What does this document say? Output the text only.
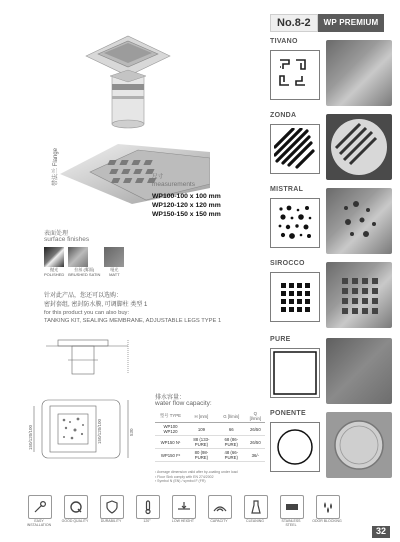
No.8-2	WP PREMIUM
带法兰 Flange	尺寸
measurements
WP100-100 x 100 mm
WP120-120 x 120 mm
WP150-150 x 150 mm
表面处理
surface finishes
抛光
POLISHED
拉丝 (雾面)
BRUSHED SATIN
哑光
MATT
针对此产品，您还可以选购：
密封套组, 密封防水膜, 可调脚柱 类型 1
for this product you can also buy:
TANKING KIT, SEALING MEMBRANE, ADJUSTABLE LEGS TYPE 1
150/120/100	150/120/100	530
排水容量：
water flow capacity:
型号 TYPE	H [mm]	G [l/min]	Q [l/min]
WP100 WP120	109	66	26/50
WP150 N¹	88 (133-PURE)	68 (86-PURE)	26/50
WP150 F²	80 (98-PURE)	48 (66-PURE)	36/-
¹ Average dimension valid after by-coating under load
² Floor Sink comply with EN 274/2002
³ Symbol N (EN) / symbol F (FR)
TIVANO
ZONDA
MISTRAL
SIROCCO
PURE
PONENTE
EASY INSTALLATION
GOOD QUALITY	DURABILITY	120°	LOW HEIGHT	CAPACITY	CLEANING	STAINLESS STEEL
ODOR BLOCKING
32
